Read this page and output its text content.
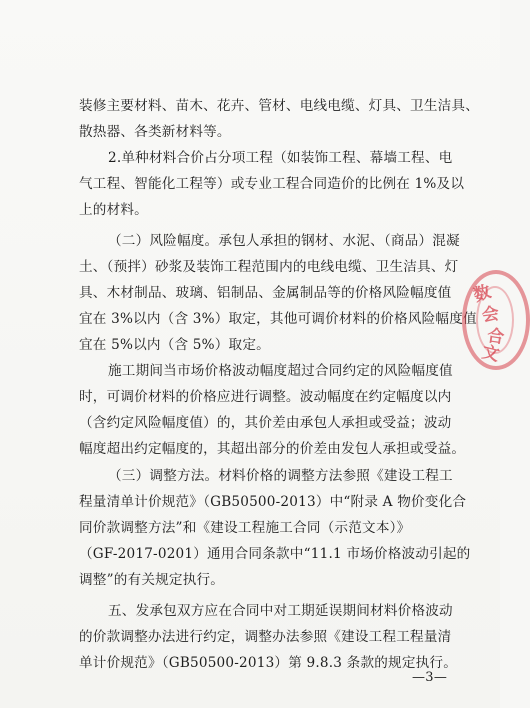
装修主要材料、苗木、花卉、管材、电线电缆、灯具、卫生洁具、
散热器、各类新材料等。
2.单种材料合价占分项工程（如装饰工程、幕墙工程、电
气工程、智能化工程等）或专业工程合同造价的比例在 1%及以
上的材料。
（二）风险幅度。承包人承担的钢材、水泥、（商品）混凝
土、（预拌）砂浆及装饰工程范围内的电线电缆、卫生洁具、灯
具、木材制品、玻璃、铝制品、金属制品等的价格风险幅度值
宜在 3%以内（含 3%）取定，其他可调价材料的价格风险幅度值
宜在 5%以内（含 5%）取定。
施工期间当市场价格波动幅度超过合同约定的风险幅度值
时，可调价材料的价格应进行调整。波动幅度在约定幅度以内
（含约定风险幅度值）的，其价差由承包人承担或受益；波动
幅度超出约定幅度的，其超出部分的价差由发包人承担或受益。
（三）调整方法。材料价格的调整方法参照《建设工程工
程量清单计价规范》（GB50500-2013）中“附录 A 物价变化合
同价款调整方法”和《建设工程施工合同（示范文本）》
（GF-2017-0201）通用合同条款中“11.1 市场价格波动引起的
调整”的有关规定执行。
五、发承包双方应在合同中对工期延误期间材料价格波动
的价款调整办法进行约定，调整办法参照《建设工程工程量清
单计价规范》（GB50500-2013）第 9.8.3 条款的规定执行。
—3—
数
会
合
文
